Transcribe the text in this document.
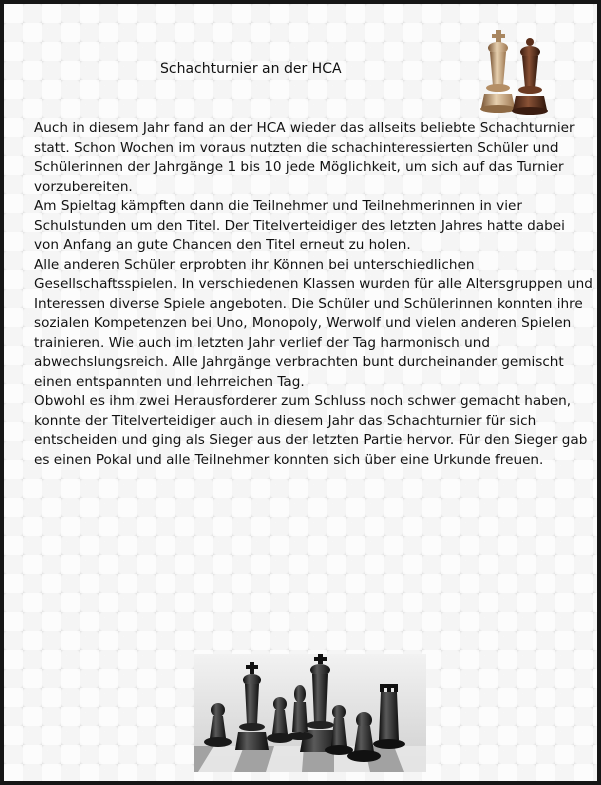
Schachturnier an der HCA

Auch in diesem Jahr fand an der HCA wieder das allseits beliebte Schachturnier statt. Schon Wochen im voraus nutzten die schachinteressierten Schüler und Schülerinnen der Jahrgänge 1 bis 10 jede Möglichkeit, um sich auf das Turnier vorzubereiten.

Am Spieltag kämpften dann die Teilnehmer und Teilnehmerinnen in vier Schulstunden um den Titel. Der Titelverteidiger des letzten Jahres hatte dabei von Anfang an gute Chancen den Titel erneut zu holen.

Alle anderen Schüler erprobten ihr Können bei unterschiedlichen Gesellschaftsspielen. In verschiedenen Klassen wurden für alle Altersgruppen und Interessen diverse Spiele angeboten. Die Schüler und Schülerinnen konnten ihre sozialen Kompetenzen bei Uno, Monopoly, Werwolf und vielen anderen Spielen trainieren. Wie auch im letzten Jahr verlief der Tag harmonisch und abwechslungsreich. Alle Jahrgänge verbrachten bunt durcheinander gemischt einen entspannten und lehrreichen Tag.

Obwohl es ihm zwei Herausforderer zum Schluss noch schwer gemacht haben, konnte der Titelverteidiger auch in diesem Jahr das Schachturnier für sich entscheiden und ging als Sieger aus der letzten Partie hervor. Für den Sieger gab es einen Pokal und alle Teilnehmer konnten sich über eine Urkunde freuen.
